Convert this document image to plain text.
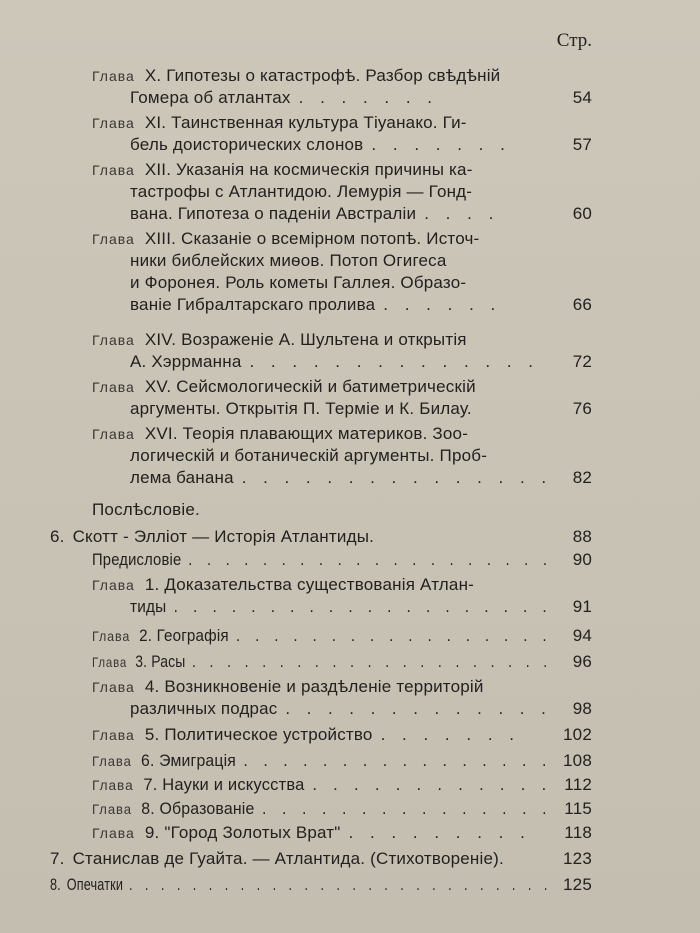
Стр.
Глава X. Гипотезы о катастрофѣ. Разбор свѣдѣнiй
Гомера об атлантах . . . . . . .	54
Глава XI. Таинственная культура Тiуанако. Ги-
бель доисторических слонов . . . . . . .	57
Глава XII. Указанiя на космическiя причины ка-
тастрофы с Атлантидою. Лемурiя — Гонд-
вана. Гипотеза о паденiи Австралiи . . . .	60
Глава XIII. Сказанiе о всемiрном потопѣ. Источ-
ники библейских миѳов. Потоп Огигеса
и Форонея. Роль кометы Галлея. Образо-
ванiе Гибралтарскаго пролива . . . . . .	66
Глава XIV. Возраженiе А. Шультена и открытiя
А. Хэррманна . . . . . . . . . . . . . . 72
Глава XV. Сейсмологическiй и батиметрическiй
аргументы. Открытiя П. Термiе и К. Билау.	76
Глава XVI. Теорiя плавающих материков. Зоо-
логическiй и ботаническiй аргументы. Проб-
лема банана . . . . . . . . . . . . . . . 82
Послѣсловiе.
6. Скотт - Эллiот — Исторiя Атлантиды.	88
Предисловiе . . . . . . . . . . . . . . . . . . . . 90
Глава 1. Доказательства существованiя Атлан-
тиды . . . . . . . . . . . . . . . . . . . . 91
Глава 2. Географiя . . . . . . . . . . . . . . . . . 94
Глава 3. Расы . . . . . . . . . . . . . . . . . . . . . 96
Глава 4. Возникновенiе и раздѣленiе территорiй
различных подрас . . . . . . . . . . . . . 98
Глава 5. Политическое устройство . . . . . . .	102
Глава 6. Эмиграцiя . . . . . . . . . . . . . . . . 108
Глава 7. Науки и искусства . . . . . . . . . . . . 112
Глава 8. Образованiе . . . . . . . . . . . . . . . 115
Глава 9. "Город Золотых Врат" . . . . . . . . . 118
7. Станислав де Гуайта. — Атлантида. (Стихотворенiе).	123
8. Опечатки . . . . . . . . . . . . . . . . . . . . . . . . . . . 125
